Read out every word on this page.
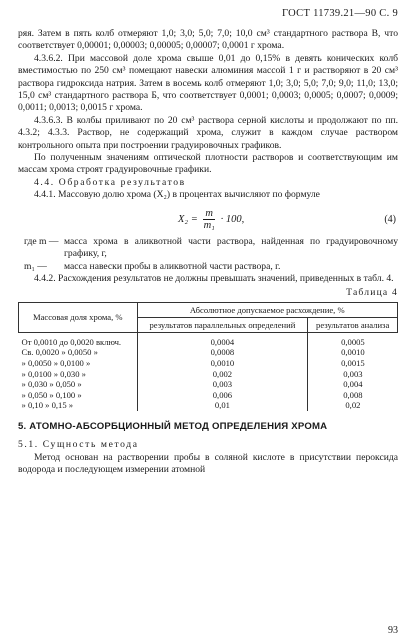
ГОСТ 11739.21—90 С. 9

ряя. Затем в пять колб отмеряют 1,0; 3,0; 5,0; 7,0; 10,0 см³ стандартного раствора В, что соответствует 0,00001; 0,00003; 0,00005; 0,00007; 0,0001 г хрома.

4.3.6.2. При массовой доле хрома свыше 0,01 до 0,15% в девять конических колб вместимостью по 250 см³ помещают навески алюминия массой 1 г и растворяют в 20 см³ раствора гидроксида натрия. Затем в восемь колб отмеряют 1,0; 3,0; 5,0; 7,0; 9,0; 11,0; 13,0; 15,0 см³ стандартного раствора Б, что соответствует 0,0001; 0,0003; 0,0005; 0,0007; 0,0009; 0,0011; 0,0013; 0,0015 г хрома.

4.3.6.3. В колбы приливают по 20 см³ раствора серной кислоты и продолжают по пп. 4.3.2; 4.3.3. Раствор, не содержащий хрома, служит в каждом случае раствором контрольного опыта при построении градуировочных графиков.

По полученным значениям оптической плотности растворов и соответствующим им массам хрома строят градуировочные графики.

4.4. Обработка результатов

4.4.1. Массовую долю хрома (X₂) в процентах вычисляют по формуле

$X_2 = \frac{m}{\text{m₁}} \cdot 100$,	(4)
где m — масса хрома в аликвотной части раствора, найденная по градуировочному графику, г,
m₁ —	масса навески пробы в аликвотной части раствора, г.

4.4.2. Расхождения результатов не должны превышать значений, приведенных в табл. 4.

Таблица 4
Массовая доля хрома, %	Абсолютное допускаемое расхождение, %	
	результатов параллельных определений	результатов анализа
От 0,0010 до 0,0020 включ.	0,0004	0,0005
Св. 0,0020 » 0,0050 »	0,0008	0,0010
» 0,0050 » 0,0100 »	0,0010	0,0015
» 0,0100 » 0,030 »	0,002	0,003
» 0,030 » 0,050 »	0,003	0,004
» 0,050 » 0,100 »	0,006	0,008
» 0,10 » 0,15 »	0,01	0,02
5. АТОМНО-АБСОРБЦИОННЫЙ МЕТОД ОПРЕДЕЛЕНИЯ ХРОМА

5.1. Сущность метода

Метод основан на растворении пробы в соляной кислоте в присутствии пероксида водорода и последующем измерении атомной

93
